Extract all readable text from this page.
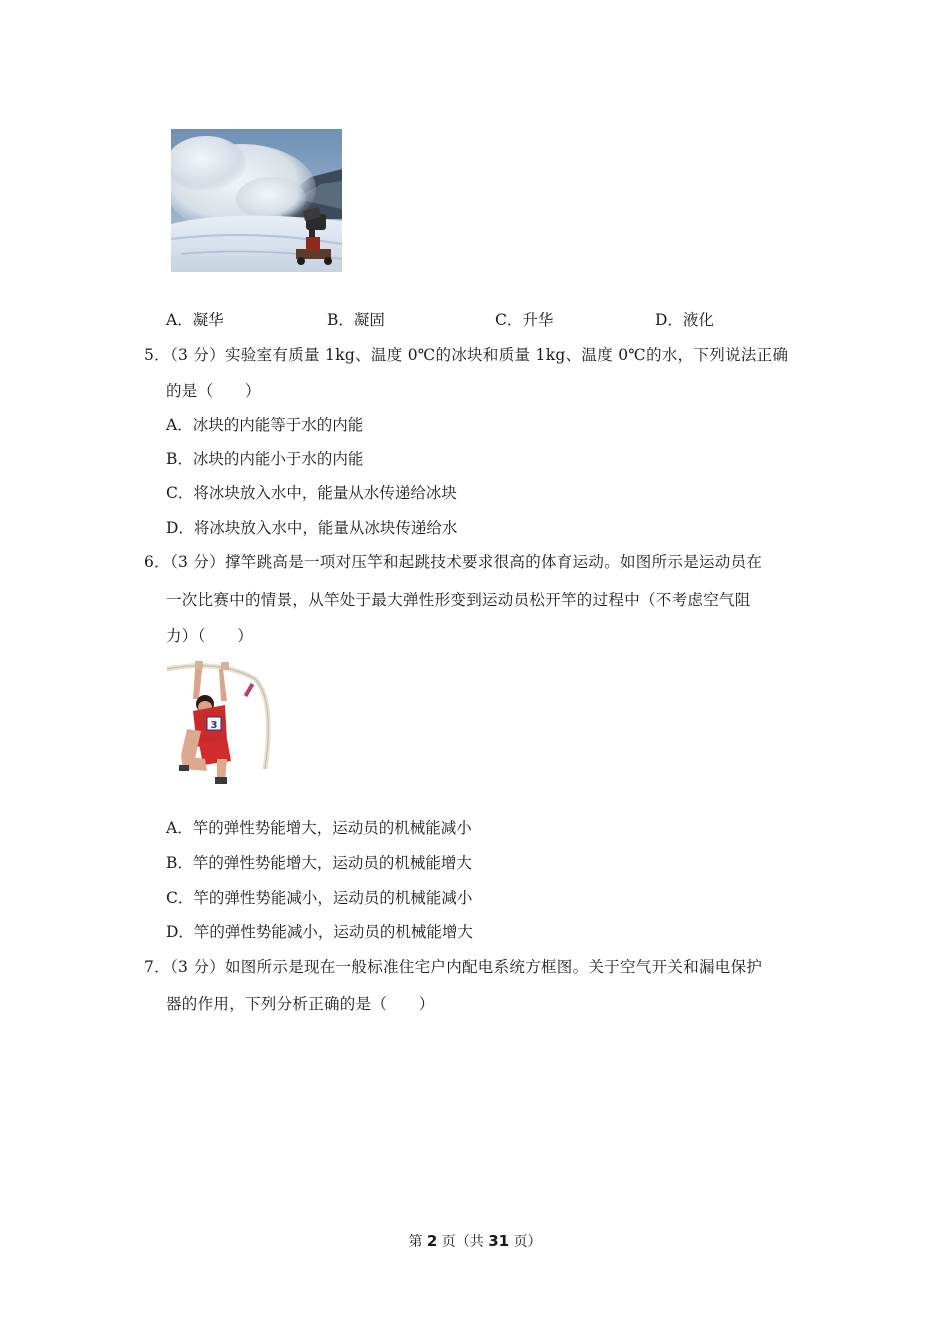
A．凝华	B．凝固	C．升华	D．液化
5．（3 分）实验室有质量 1kg、温度 0℃的冰块和质量 1kg、温度 0℃的水，下列说法正确
的是（　　）
A．冰块的内能等于水的内能
B．冰块的内能小于水的内能
C．将冰块放入水中，能量从水传递给冰块
D．将冰块放入水中，能量从冰块传递给水
6．（3 分）撑竿跳高是一项对压竿和起跳技术要求很高的体育运动。如图所示是运动员在
一次比赛中的情景，从竿处于最大弹性形变到运动员松开竿的过程中（不考虑空气阻
力）（　　）
3
A．竿的弹性势能增大，运动员的机械能减小
B．竿的弹性势能增大，运动员的机械能增大
C．竿的弹性势能减小，运动员的机械能减小
D．竿的弹性势能减小，运动员的机械能增大
7．（3 分）如图所示是现在一般标准住宅户内配电系统方框图。关于空气开关和漏电保护
器的作用，下列分析正确的是（　　）
第 2 页（共 31 页）
